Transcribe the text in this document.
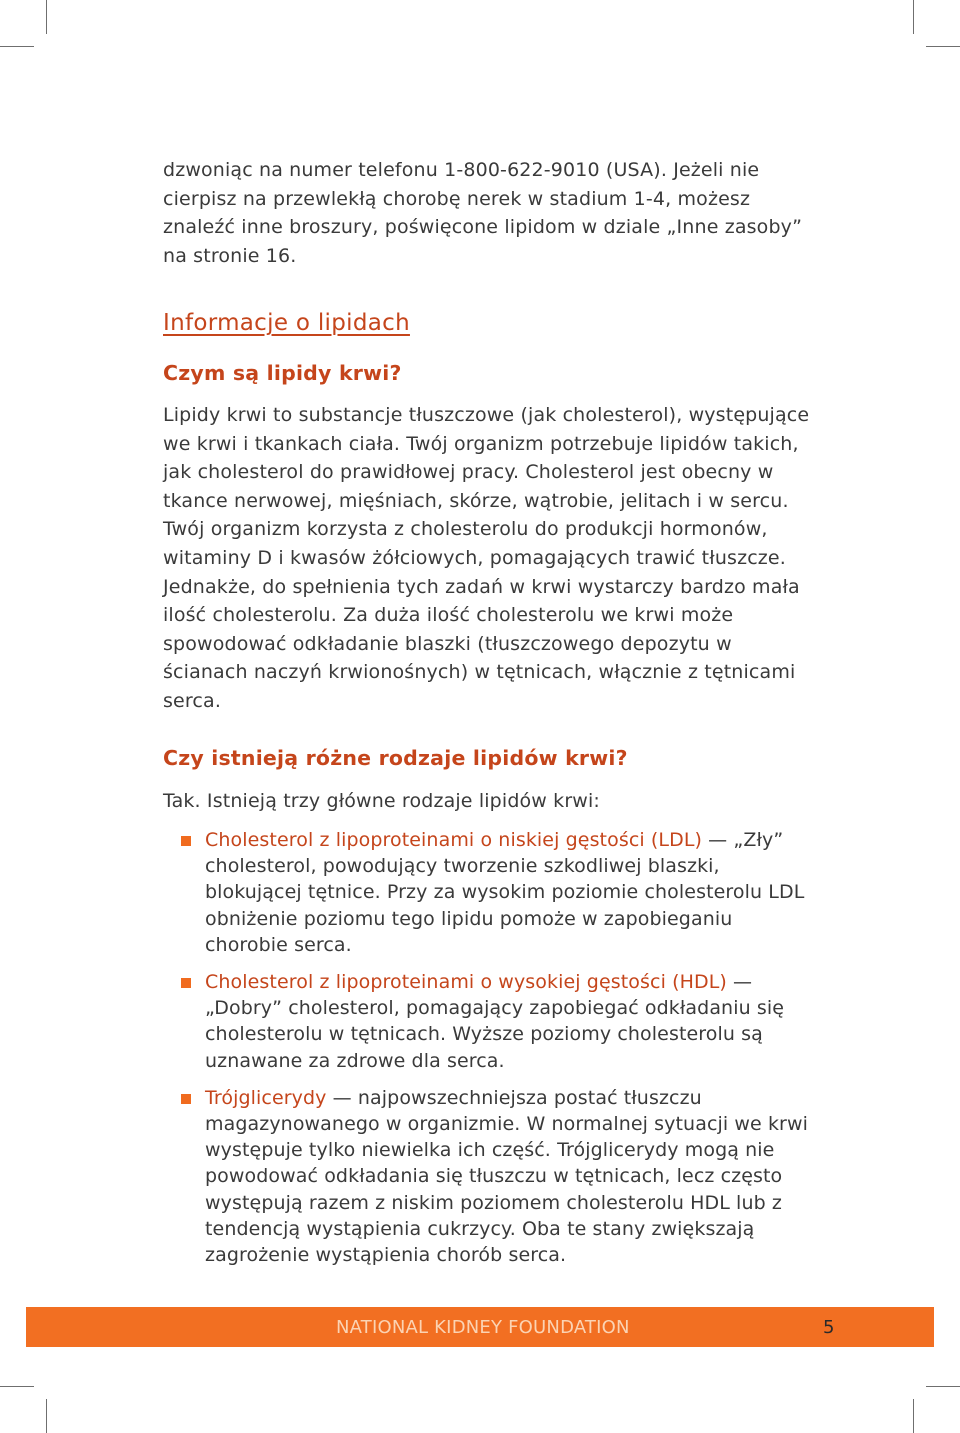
dzwoniąc na numer telefonu 1-800-622-9010 (USA). Jeżeli nie cierpisz na przewlekłą chorobę nerek w stadium 1-4, możesz znaleźć inne broszury, poświęcone lipidom w dziale „Inne zasoby” na stronie 16.

Informacje o lipidach
Czym są lipidy krwi?

Lipidy krwi to substancje tłuszczowe (jak cholesterol), występujące we krwi i tkankach ciała. Twój organizm potrzebuje lipidów takich, jak cholesterol do prawidłowej pracy. Cholesterol jest obecny w tkance nerwowej, mięśniach, skórze, wątrobie, jelitach i w sercu. Twój organizm korzysta z cholesterolu do produkcji hormonów, witaminy D i kwasów żółciowych, pomagających trawić tłuszcze. Jednakże, do spełnienia tych zadań w krwi wystarczy bardzo mała ilość cholesterolu. Za duża ilość cholesterolu we krwi może spowodować odkładanie blaszki (tłuszczowego depozytu w ścianach naczyń krwionośnych) w tętnicach, włącznie z tętnicami serca.

Czy istnieją różne rodzaje lipidów krwi?

Tak. Istnieją trzy główne rodzaje lipidów krwi:

Cholesterol z lipoproteinami o niskiej gęstości (LDL) — „Zły” cholesterol, powodujący tworzenie szkodliwej blaszki, blokującej tętnice. Przy za wysokim poziomie cholesterolu LDL obniżenie poziomu tego lipidu pomoże w zapobieganiu chorobie serca.
Cholesterol z lipoproteinami o wysokiej gęstości (HDL) — „Dobry” cholesterol, pomagający zapobiegać odkładaniu się cholesterolu w tętnicach. Wyższe poziomy cholesterolu są uznawane za zdrowe dla serca.
Trójglicerydy — najpowszechniejsza postać tłuszczu magazynowanego w organizmie. W normalnej sytuacji we krwi występuje tylko niewielka ich część. Trójglicerydy mogą nie powodować odkładania się tłuszczu w tętnicach, lecz często występują razem z niskim poziomem cholesterolu HDL lub z tendencją wystąpienia cukrzycy. Oba te stany zwiększają zagrożenie wystąpienia chorób serca.
NATIONAL KIDNEY FOUNDATION	5
